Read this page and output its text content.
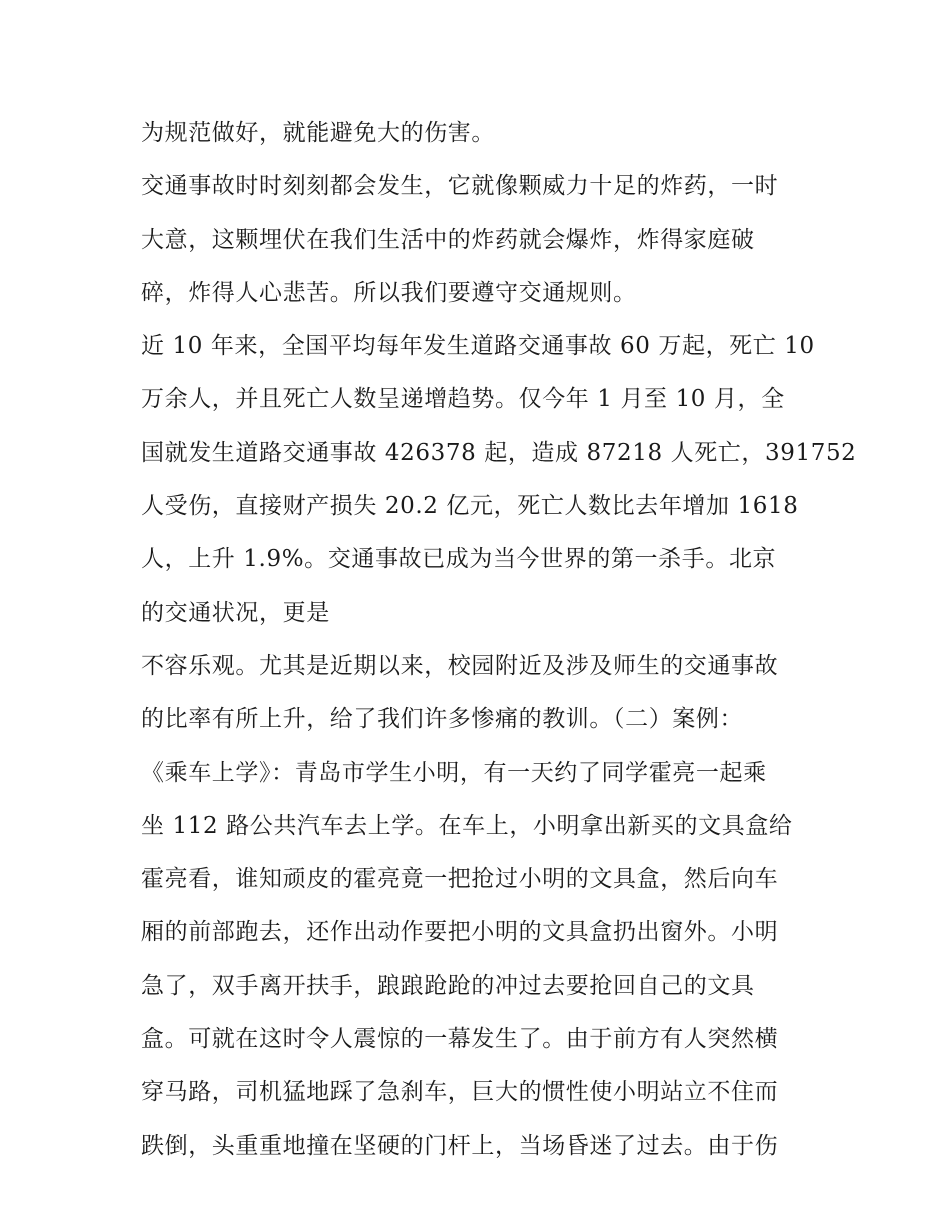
为规范做好，就能避免大的伤害。
交通事故时时刻刻都会发生，它就像颗威力十足的炸药，一时
大意，这颗埋伏在我们生活中的炸药就会爆炸，炸得家庭破
碎，炸得人心悲苦。所以我们要遵守交通规则。
近 10 年来，全国平均每年发生道路交通事故 60 万起，死亡 10
万余人，并且死亡人数呈递增趋势。仅今年 1 月至 10 月，全
国就发生道路交通事故 426378 起，造成 87218 人死亡，391752
人受伤，直接财产损失 20.2 亿元，死亡人数比去年增加 1618
人，上升 1.9%。交通事故已成为当今世界的第一杀手。北京
的交通状况，更是
不容乐观。尤其是近期以来，校园附近及涉及师生的交通事故
的比率有所上升，给了我们许多惨痛的教训。（二）案例：
《乘车上学》：青岛市学生小明，有一天约了同学霍亮一起乘
坐 112 路公共汽车去上学。在车上，小明拿出新买的文具盒给
霍亮看，谁知顽皮的霍亮竟一把抢过小明的文具盒，然后向车
厢的前部跑去，还作出动作要把小明的文具盒扔出窗外。小明
急了，双手离开扶手，踉踉跄跄的冲过去要抢回自己的文具
盒。可就在这时令人震惊的一幕发生了。由于前方有人突然横
穿马路，司机猛地踩了急刹车，巨大的惯性使小明站立不住而
跌倒，头重重地撞在坚硬的门杆上，当场昏迷了过去。由于伤
